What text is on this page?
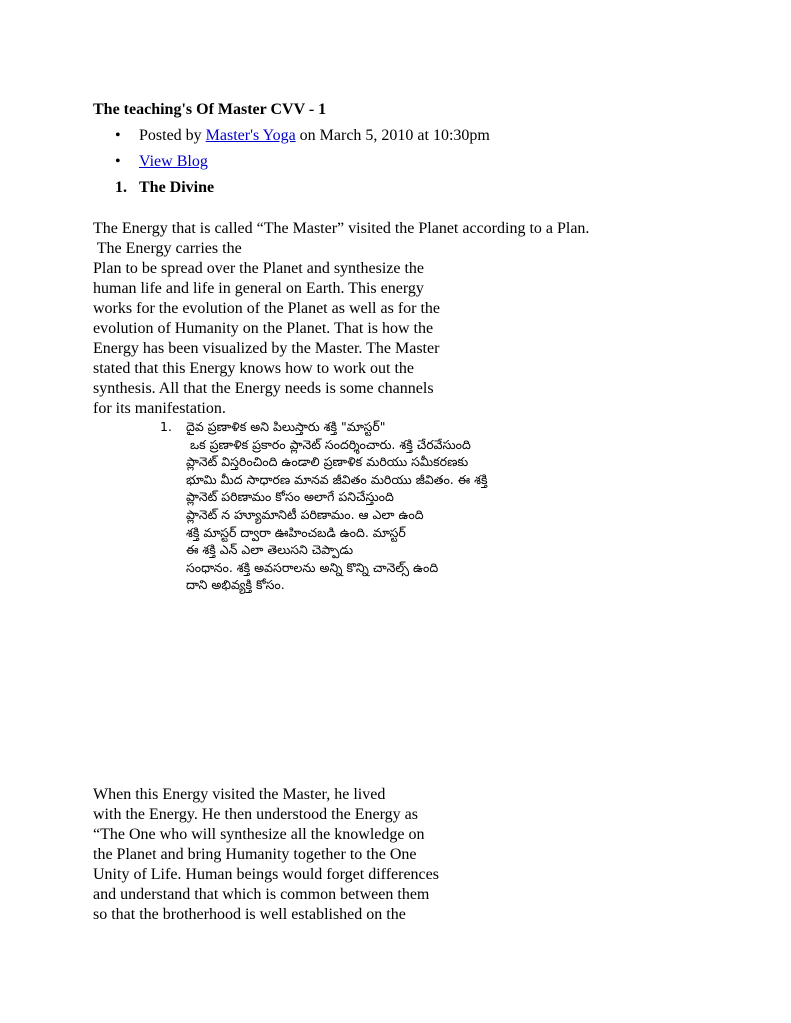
The teaching's Of Master CVV - 1
• Posted by Master's Yoga on March 5, 2010 at 10:30pm
• View Blog
1. The Divine

The Energy that is called “The Master” visited the Planet according to a Plan.
The Energy carries the
Plan to be spread over the Planet and synthesize the
human life and life in general on Earth. This energy
works for the evolution of the Planet as well as for the
evolution of Humanity on the Planet. That is how the
Energy has been visualized by the Master. The Master
stated that this Energy knows how to work out the
synthesis. All that the Energy needs is some channels
for its manifestation.

1. దైవ ప్రణాళిక అని పిలుస్తారు శక్తి "మాస్టర్"
ఒక ప్రణాళిక ప్రకారం ప్లానెట్ సందర్శించారు. శక్తి చేరవేసుంది
ప్లానెట్ విస్తరించింది ఉండాలి ప్రణాళిక మరియు సమీకరణకు
భూమి మీద సాధారణ మానవ జీవితం మరియు జీవితం. ఈ శక్తి
ప్లానెట్ పరిణామం కోసం అలాగే పనిచేస్తుంది
ప్లానెట్ న హ్యూమానిటీ పరిణామం. ఆ ఎలా ఉంది
శక్తి మాస్టర్ ద్వారా ఊహించబడి ఉంది. మాస్టర్
ఈ శక్తి ఎన్ ఎలా తెలుసని చెప్పాడు
సంధానం. శక్తి అవసరాలను అన్ని కొన్ని చానెల్స్ ఉంది
దాని అభివ్యక్తి కోసం.

When this Energy visited the Master, he lived
with the Energy. He then understood the Energy as
“The One who will synthesize all the knowledge on
the Planet and bring Humanity together to the One
Unity of Life. Human beings would forget differences
and understand that which is common between them
so that the brotherhood is well established on the
